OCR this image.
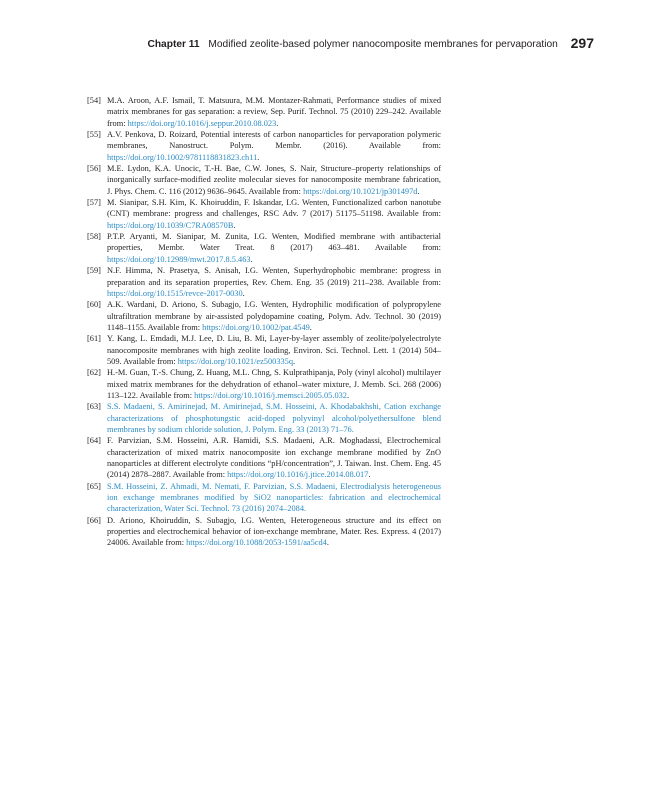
Chapter 11 Modified zeolite-based polymer nanocomposite membranes for pervaporation 297
[54] M.A. Aroon, A.F. Ismail, T. Matsuura, M.M. Montazer-Rahmati, Performance studies of mixed matrix membranes for gas separation: a review, Sep. Purif. Technol. 75 (2010) 229–242. Available from: https://doi.org/10.1016/j.seppur.2010.08.023.
[55] A.V. Penkova, D. Roizard, Potential interests of carbon nanoparticles for pervaporation polymeric membranes, Nanostruct. Polym. Membr. (2016). Available from: https://doi.org/10.1002/9781118831823.ch11.
[56] M.E. Lydon, K.A. Unocic, T.-H. Bae, C.W. Jones, S. Nair, Structure–property relationships of inorganically surface-modified zeolite molecular sieves for nanocomposite membrane fabrication, J. Phys. Chem. C. 116 (2012) 9636–9645. Available from: https://doi.org/10.1021/jp301497d.
[57] M. Sianipar, S.H. Kim, K. Khoiruddin, F. Iskandar, I.G. Wenten, Functionalized carbon nanotube (CNT) membrane: progress and challenges, RSC Adv. 7 (2017) 51175–51198. Available from: https://doi.org/10.1039/C7RA08570B.
[58] P.T.P. Aryanti, M. Sianipar, M. Zunita, I.G. Wenten, Modified membrane with antibacterial properties, Membr. Water Treat. 8 (2017) 463–481. Available from: https://doi.org/10.12989/mwt.2017.8.5.463.
[59] N.F. Himma, N. Prasetya, S. Anisah, I.G. Wenten, Superhydrophobic membrane: progress in preparation and its separation properties, Rev. Chem. Eng. 35 (2019) 211–238. Available from: https://doi.org/10.1515/revce-2017-0030.
[60] A.K. Wardani, D. Ariono, S. Subagjo, I.G. Wenten, Hydrophilic modification of polypropylene ultrafiltration membrane by air-assisted polydopamine coating, Polym. Adv. Technol. 30 (2019) 1148–1155. Available from: https://doi.org/10.1002/pat.4549.
[61] Y. Kang, L. Emdadi, M.J. Lee, D. Liu, B. Mi, Layer-by-layer assembly of zeolite/polyelectrolyte nanocomposite membranes with high zeolite loading, Environ. Sci. Technol. Lett. 1 (2014) 504–509. Available from: https://doi.org/10.1021/ez500335q.
[62] H.-M. Guan, T.-S. Chung, Z. Huang, M.L. Chng, S. Kulprathipanja, Poly (vinyl alcohol) multilayer mixed matrix membranes for the dehydration of ethanol–water mixture, J. Memb. Sci. 268 (2006) 113–122. Available from: https://doi.org/10.1016/j.memsci.2005.05.032.
[63] S.S. Madaeni, S. Amirinejad, M. Amirinejad, S.M. Hosseini, A. Khodabakhshi, Cation exchange characterizations of phosphotungstic acid-doped polyvinyl alcohol/polyethersulfone blend membranes by sodium chloride solution, J. Polym. Eng. 33 (2013) 71–76.
[64] F. Parvizian, S.M. Hosseini, A.R. Hamidi, S.S. Madaeni, A.R. Moghadassi, Electrochemical characterization of mixed matrix nanocomposite ion exchange membrane modified by ZnO nanoparticles at different electrolyte conditions “pH/concentration”, J. Taiwan. Inst. Chem. Eng. 45 (2014) 2878–2887. Available from: https://doi.org/10.1016/j.jtice.2014.08.017.
[65] S.M. Hosseini, Z. Ahmadi, M. Nemati, F. Parvizian, S.S. Madaeni, Electrodialysis heterogeneous ion exchange membranes modified by SiO2 nanoparticles: fabrication and electrochemical characterization, Water Sci. Technol. 73 (2016) 2074–2084.
[66] D. Ariono, Khoiruddin, S. Subagjo, I.G. Wenten, Heterogeneous structure and its effect on properties and electrochemical behavior of ion-exchange membrane, Mater. Res. Express. 4 (2017) 24006. Available from: https://doi.org/10.1088/2053-1591/aa5cd4.
